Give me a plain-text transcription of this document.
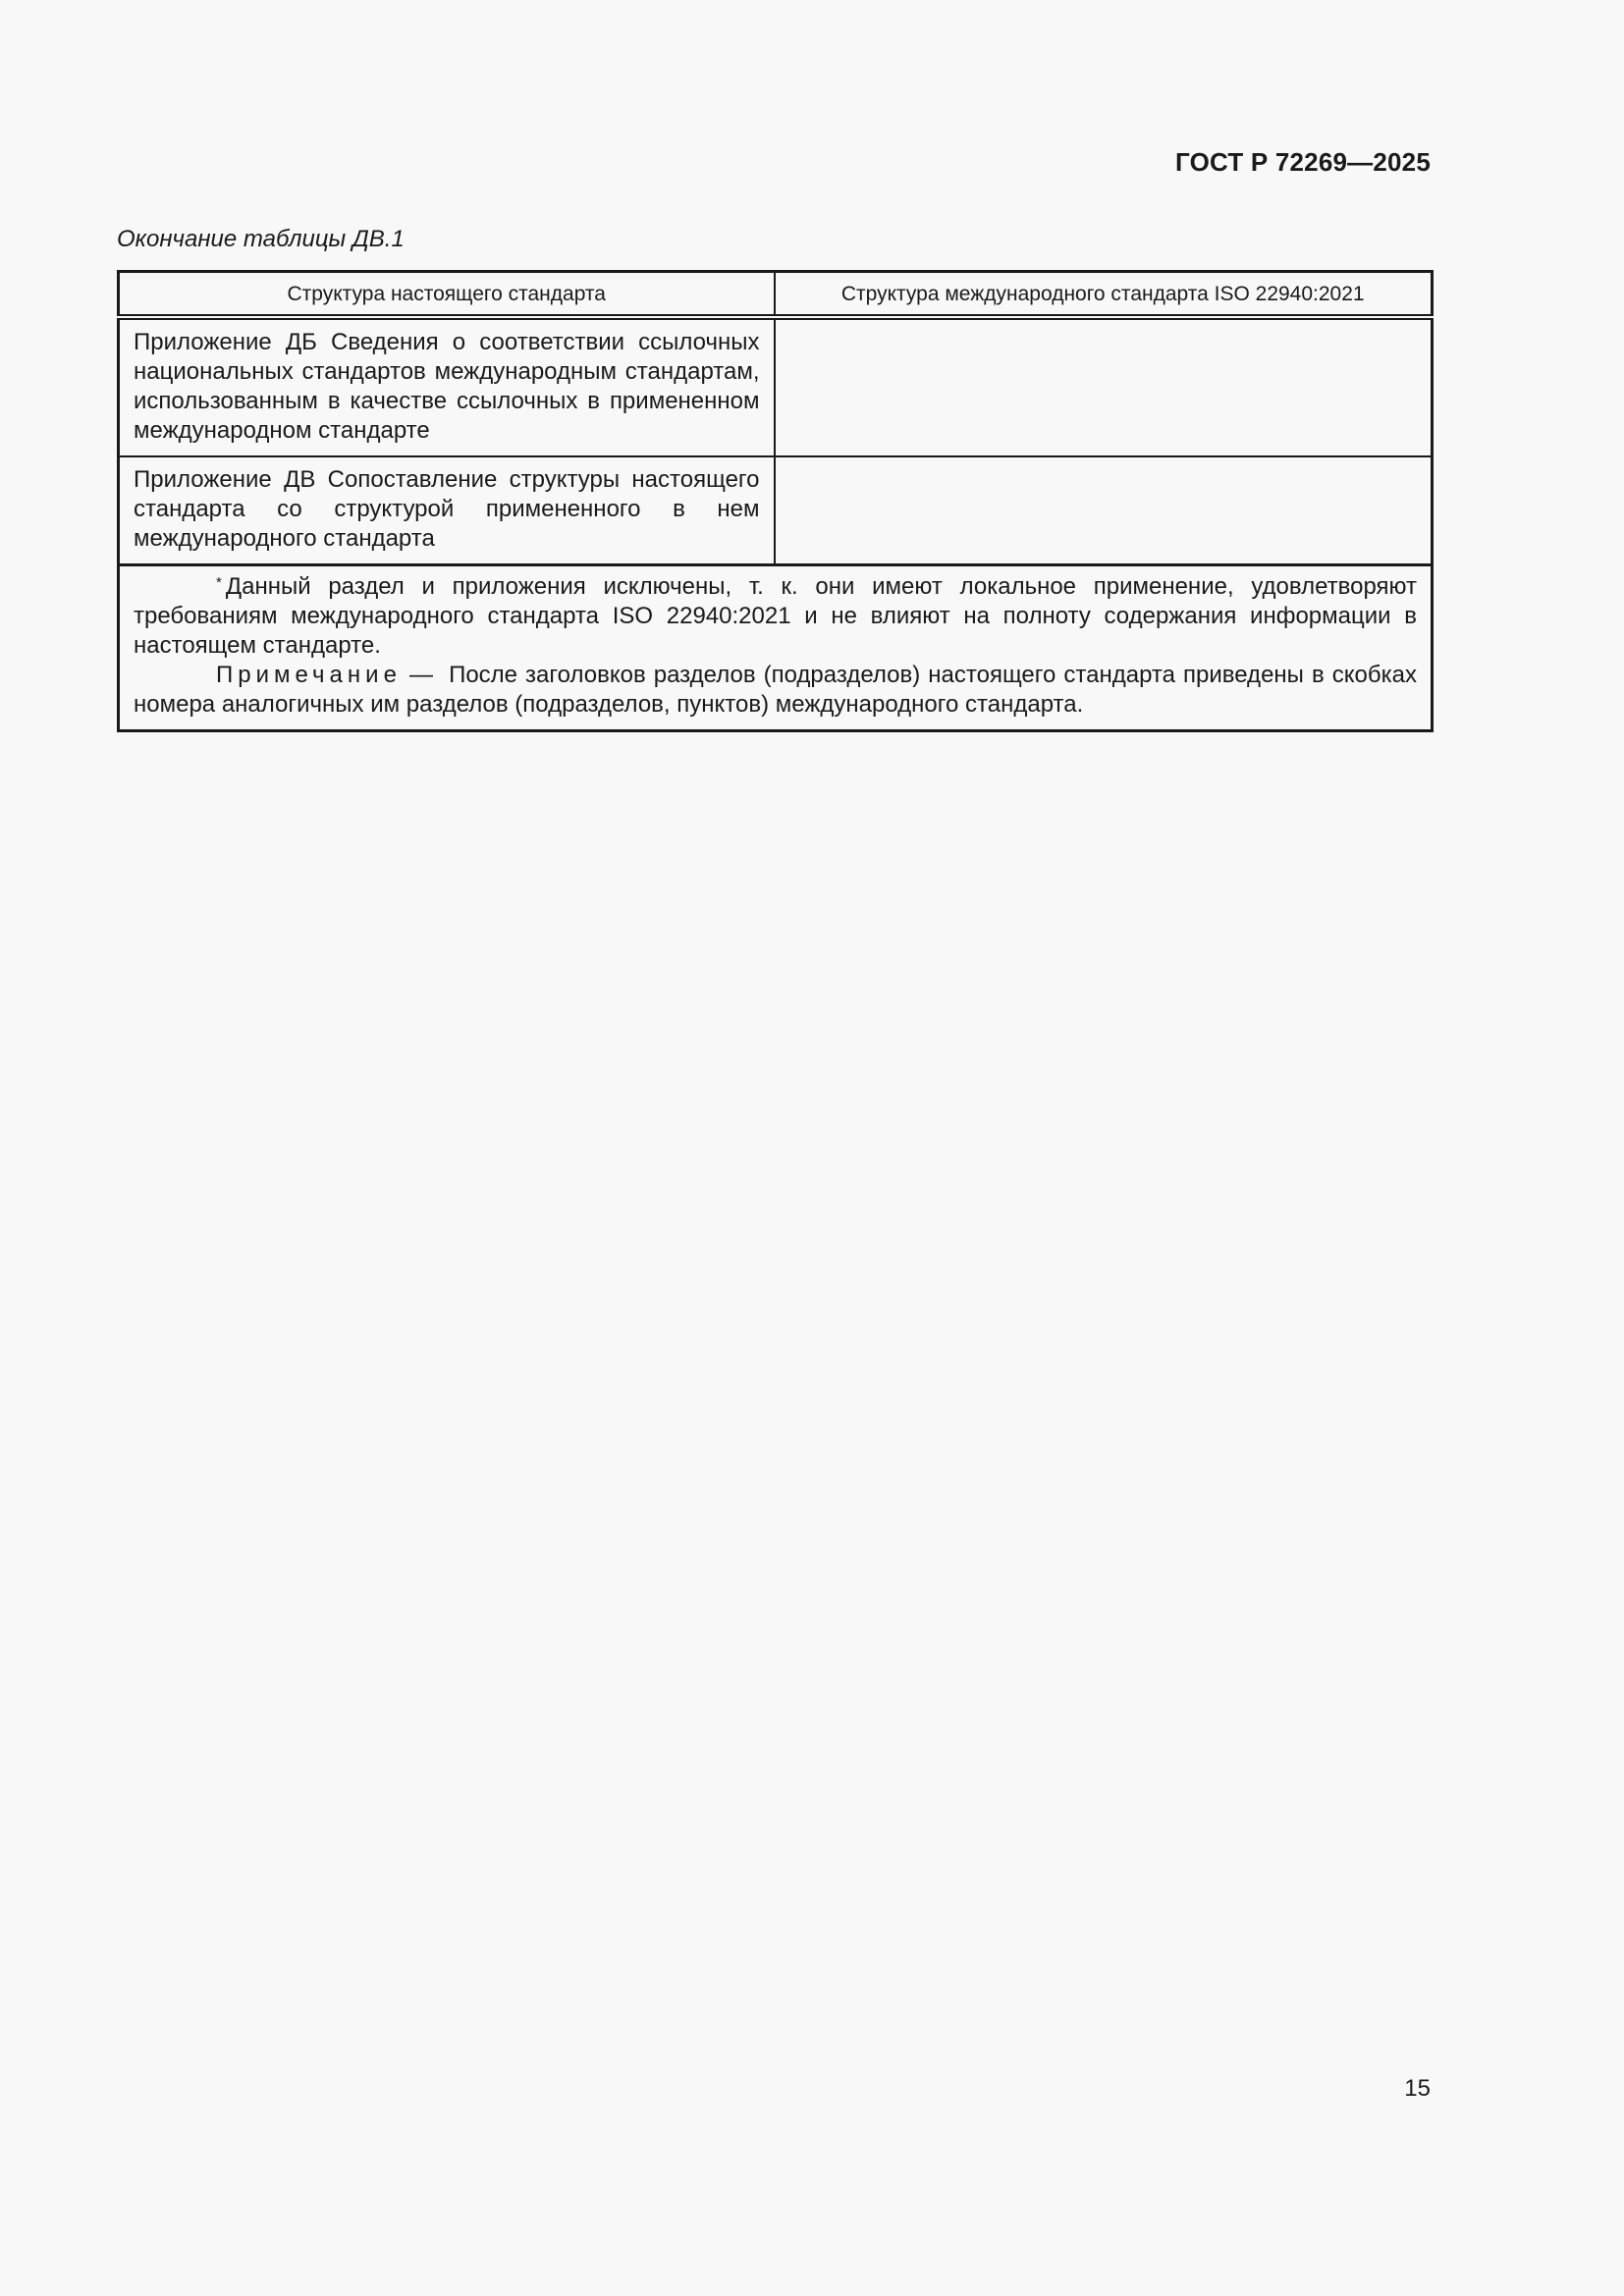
ГОСТ Р 72269—2025
Окончание таблицы ДВ.1
Структура настоящего стандарта	Структура международного стандарта ISO 22940:2021
Приложение ДБ Сведения о соответствии ссылочных национальных стандартов международным стандартам, использованным в качестве ссылочных в примененном международном стандарте	
Приложение ДВ Сопоставление структуры настоящего стандарта со структурой примененного в нем международного стандарта	

* Данный раздел и приложения исключены, т. к. они имеют локальное применение, удовлетворяют требованиям международного стандарта ISO 22940:2021 и не влияют на полноту содержания информации в настоящем стандарте.

Примечание — После заголовков разделов (подразделов) настоящего стандарта приведены в скобках номера аналогичных им разделов (подразделов, пунктов) международного стандарта.	

15
